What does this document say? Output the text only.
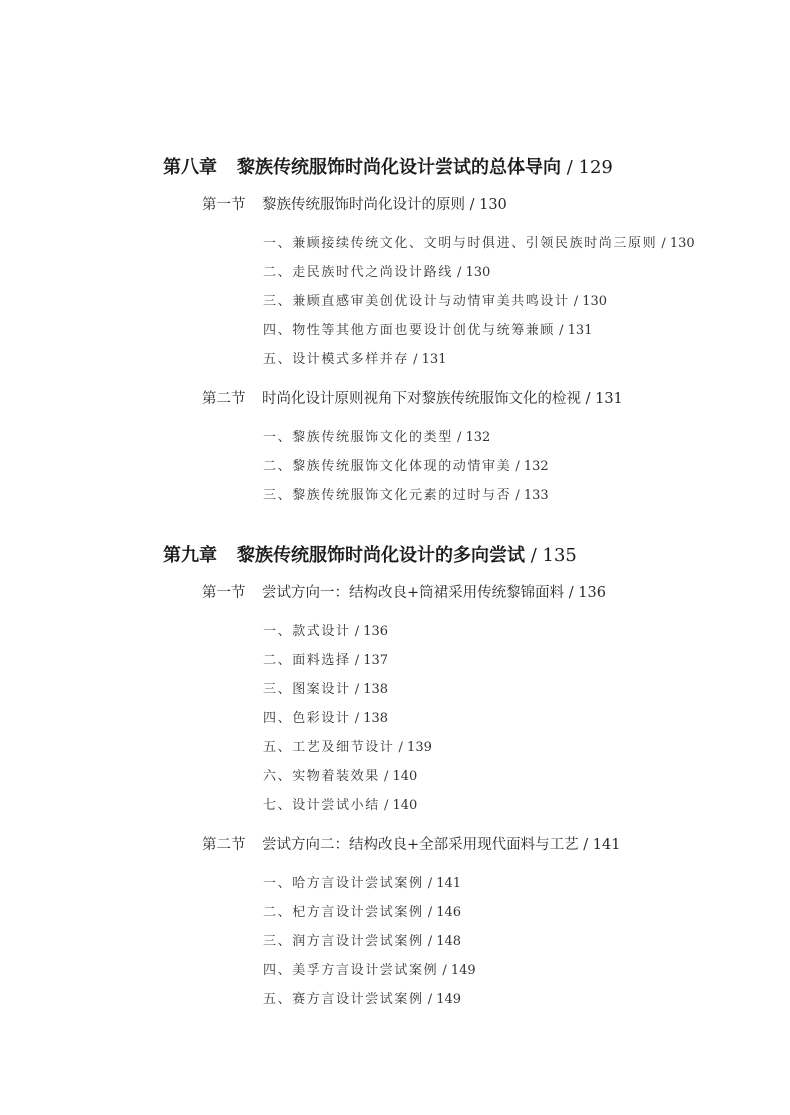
第八章 黎族传统服饰时尚化设计尝试的总体导向 / 129
第一节 黎族传统服饰时尚化设计的原则 / 130
一、兼顾接续传统文化、文明与时俱进、引领民族时尚三原则 / 130
二、走民族时代之尚设计路线 / 130
三、兼顾直感审美创优设计与动情审美共鸣设计 / 130
四、物性等其他方面也要设计创优与统筹兼顾 / 131
五、设计模式多样并存 / 131
第二节 时尚化设计原则视角下对黎族传统服饰文化的检视 / 131
一、黎族传统服饰文化的类型 / 132
二、黎族传统服饰文化体现的动情审美 / 132
三、黎族传统服饰文化元素的过时与否 / 133
第九章 黎族传统服饰时尚化设计的多向尝试 / 135
第一节 尝试方向一：结构改良+筒裙采用传统黎锦面料 / 136
一、款式设计 / 136
二、面料选择 / 137
三、图案设计 / 138
四、色彩设计 / 138
五、工艺及细节设计 / 139
六、实物着装效果 / 140
七、设计尝试小结 / 140
第二节 尝试方向二：结构改良+全部采用现代面料与工艺 / 141
一、哈方言设计尝试案例 / 141
二、杞方言设计尝试案例 / 146
三、润方言设计尝试案例 / 148
四、美孚方言设计尝试案例 / 149
五、赛方言设计尝试案例 / 149
